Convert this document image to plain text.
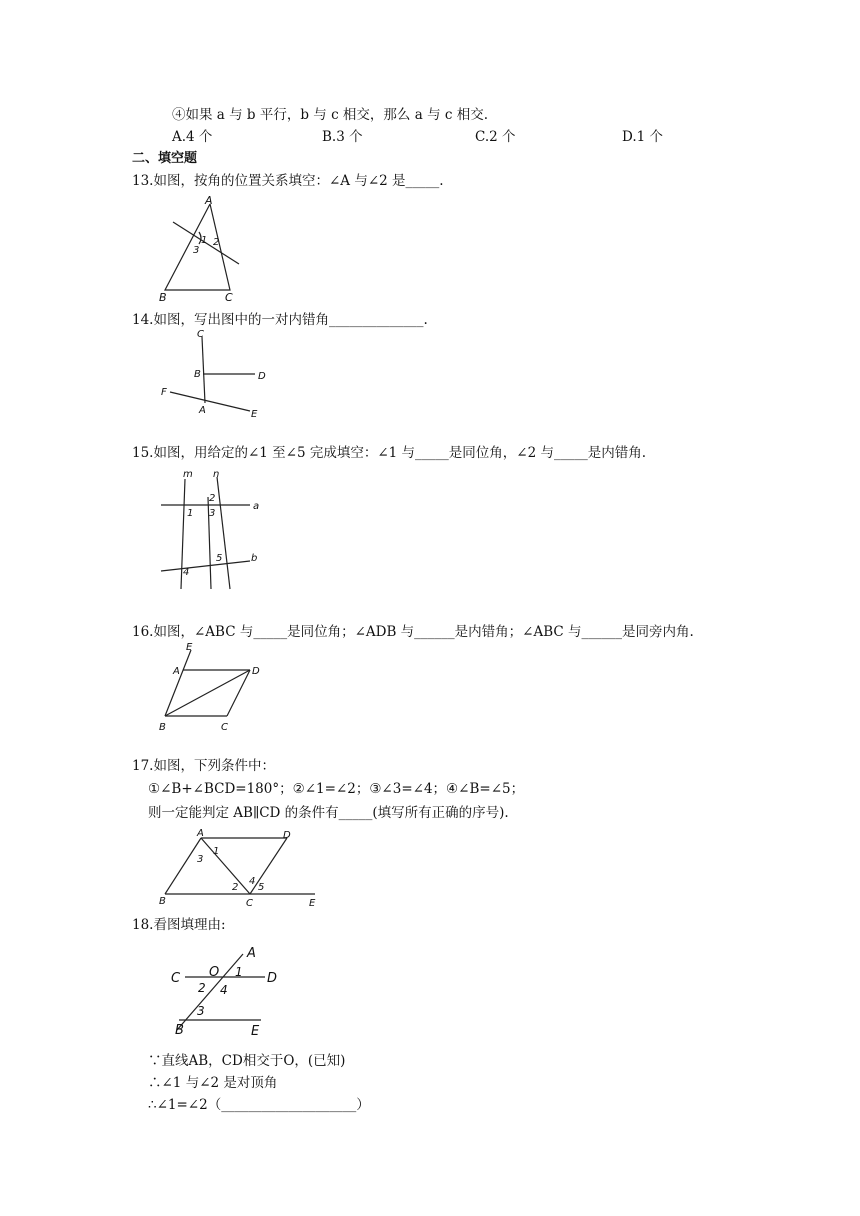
④如果 a 与 b 平行，b 与 c 相交，那么 a 与 c 相交.
A.4 个	B.3 个	C.2 个	D.1 个
二、填空题
13.如图，按角的位置关系填空：∠A 与∠2 是_____.
A
B	C
1 2
3
14.如图，写出图中的一对内错角______________.
C
B	D
F
A	E
15.如图，用给定的∠1 至∠5 完成填空：∠1 与_____是同位角，∠2 与_____是内错角.
m n
a
b
1
2
3
4
5
16.如图，∠ABC 与_____是同位角；∠ADB 与______是内错角；∠ABC 与______是同旁内角.
E
A	D
B	C
17.如图，下列条件中：
①∠B+∠BCD=180°；②∠1=∠2；③∠3=∠4；④∠B=∠5；
则一定能判定 AB∥CD 的条件有_____(填写所有正确的序号).
A	D
B	C	E
1
2
3
4
5
18.看图填理由:
A
C O	D
B	E
1
2
3
4
∵直线AB，CD相交于O，(已知)
∴∠1 与∠2 是对顶角
∴∠1=∠2（____________________）
